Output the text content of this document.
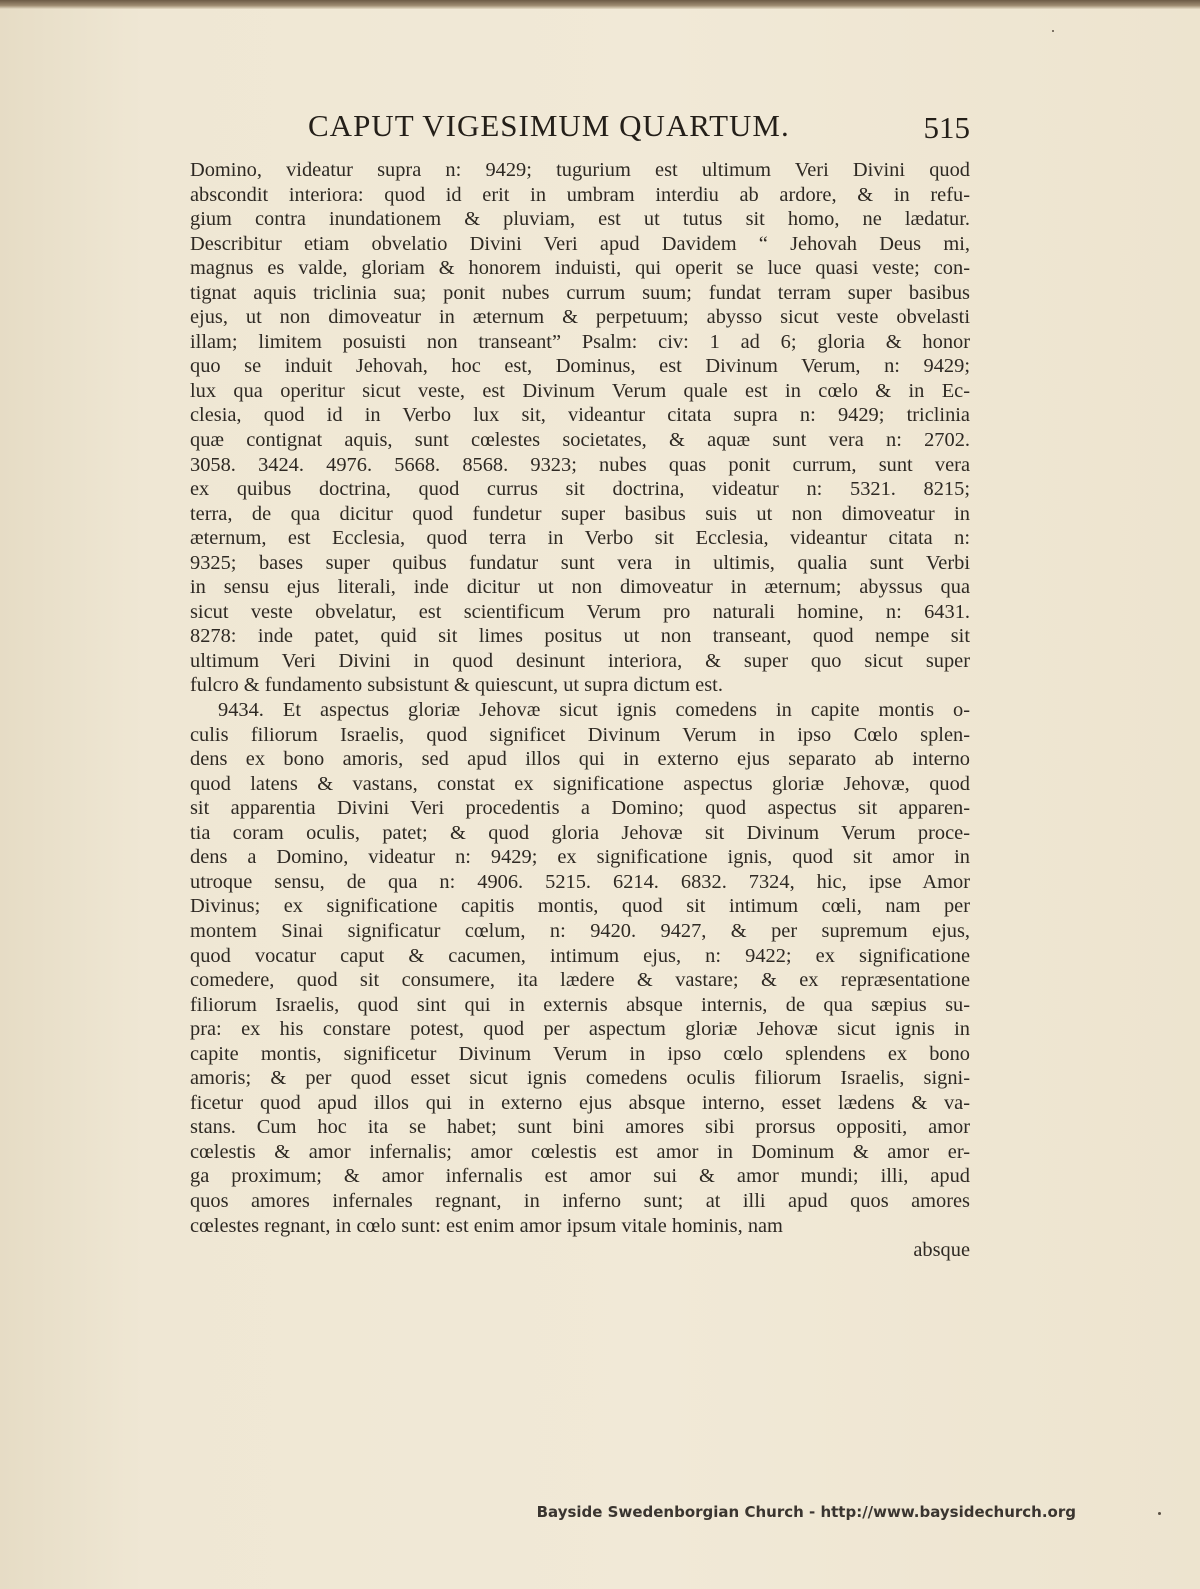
CAPUT VIGESIMUM QUARTUM.	515
Domino, videatur supra n: 9429; tugurium est ultimum Veri Divini quod
abscondit interiora: quod id erit in umbram interdiu ab ardore, & in refu-
gium contra inundationem & pluviam, est ut tutus sit homo, ne lædatur.
Describitur etiam obvelatio Divini Veri apud Davidem “ Jehovah Deus mi,
magnus es valde, gloriam & honorem induisti, qui operit se luce quasi veste; con-
tignat aquis triclinia sua; ponit nubes currum suum; fundat terram super basibus
ejus, ut non dimoveatur in æternum & perpetuum; abysso sicut veste obvelasti
illam; limitem posuisti non transeant” Psalm: civ: 1 ad 6; gloria & honor
quo se induit Jehovah, hoc est, Dominus, est Divinum Verum, n: 9429;
lux qua operitur sicut veste, est Divinum Verum quale est in cœlo & in Ec-
clesia, quod id in Verbo lux sit, videantur citata supra n: 9429; triclinia
quæ contignat aquis, sunt cœlestes societates, & aquæ sunt vera n: 2702.
3058. 3424. 4976. 5668. 8568. 9323; nubes quas ponit currum, sunt vera
ex quibus doctrina, quod currus sit doctrina, videatur n: 5321. 8215;
terra, de qua dicitur quod fundetur super basibus suis ut non dimoveatur in
æternum, est Ecclesia, quod terra in Verbo sit Ecclesia, videantur citata n:
9325; bases super quibus fundatur sunt vera in ultimis, qualia sunt Verbi
in sensu ejus literali, inde dicitur ut non dimoveatur in æternum; abyssus qua
sicut veste obvelatur, est scientificum Verum pro naturali homine, n: 6431.
8278: inde patet, quid sit limes positus ut non transeant, quod nempe sit
ultimum Veri Divini in quod desinunt interiora, & super quo sicut super
fulcro & fundamento subsistunt & quiescunt, ut supra dictum est.
9434. Et aspectus gloriæ Jehovæ sicut ignis comedens in capite montis o-
culis filiorum Israelis, quod significet Divinum Verum in ipso Cœlo splen-
dens ex bono amoris, sed apud illos qui in externo ejus separato ab interno
quod latens & vastans, constat ex significatione aspectus gloriæ Jehovæ, quod
sit apparentia Divini Veri procedentis a Domino; quod aspectus sit apparen-
tia coram oculis, patet; & quod gloria Jehovæ sit Divinum Verum proce-
dens a Domino, videatur n: 9429; ex significatione ignis, quod sit amor in
utroque sensu, de qua n: 4906. 5215. 6214. 6832. 7324, hic, ipse Amor
Divinus; ex significatione capitis montis, quod sit intimum cœli, nam per
montem Sinai significatur cœlum, n: 9420. 9427, & per supremum ejus,
quod vocatur caput & cacumen, intimum ejus, n: 9422; ex significatione
comedere, quod sit consumere, ita lædere & vastare; & ex repræsentatione
filiorum Israelis, quod sint qui in externis absque internis, de qua sæpius su-
pra: ex his constare potest, quod per aspectum gloriæ Jehovæ sicut ignis in
capite montis, significetur Divinum Verum in ipso cœlo splendens ex bono
amoris; & per quod esset sicut ignis comedens oculis filiorum Israelis, signi-
ficetur quod apud illos qui in externo ejus absque interno, esset lædens & va-
stans. Cum hoc ita se habet; sunt bini amores sibi prorsus oppositi, amor
cœlestis & amor infernalis; amor cœlestis est amor in Dominum & amor er-
ga proximum; & amor infernalis est amor sui & amor mundi; illi, apud
quos amores infernales regnant, in inferno sunt; at illi apud quos amores
cœlestes regnant, in cœlo sunt: est enim amor ipsum vitale hominis, nam
absque
Bayside Swedenborgian Church - http://www.baysidechurch.org
